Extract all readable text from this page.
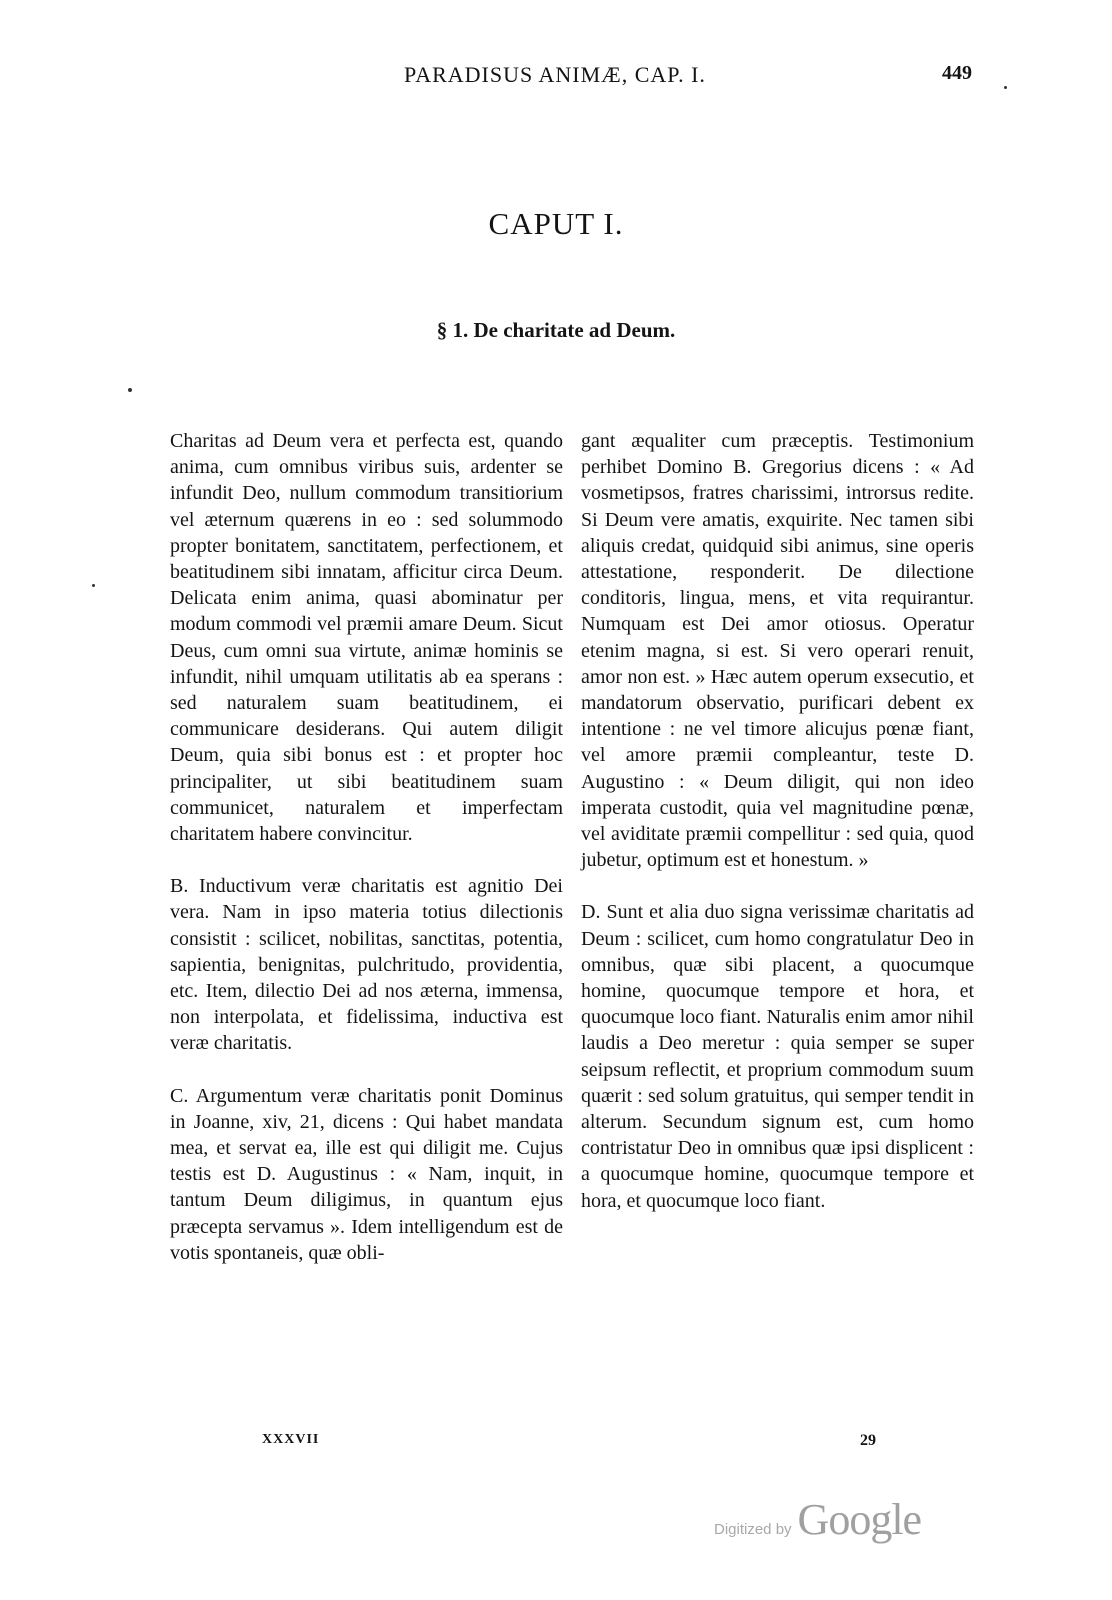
PARADISUS ANIMÆ, CAP. I.	449
CAPUT I.
§ 1. De charitate ad Deum.

Charitas ad Deum vera et perfecta est, quando anima, cum omnibus viribus suis, ardenter se infundit Deo, nullum commodum transitiorium vel æternum quærens in eo : sed solummodo propter bonitatem, sanctitatem, perfectionem, et beatitudinem sibi innatam, afficitur circa Deum. Delicata enim anima, quasi abominatur per modum commodi vel præmii amare Deum. Sicut Deus, cum omni sua virtute, animæ hominis se infundit, nihil umquam utilitatis ab ea sperans : sed naturalem suam beatitudinem, ei communicare desiderans. Qui autem diligit Deum, quia sibi bonus est : et propter hoc principaliter, ut sibi beatitudinem suam communicet, naturalem et imperfectam charitatem habere convincitur.

B. Inductivum veræ charitatis est agnitio Dei vera. Nam in ipso materia totius dilectionis consistit : scilicet, nobilitas, sanctitas, potentia, sapientia, benignitas, pulchritudo, providentia, etc. Item, dilectio Dei ad nos æterna, immensa, non interpolata, et fidelissima, inductiva est veræ charitatis.

C. Argumentum veræ charitatis ponit Dominus in Joanne, xiv, 21, dicens : Qui habet mandata mea, et servat ea, ille est qui diligit me. Cujus testis est D. Augustinus : « Nam, inquit, in tantum Deum diligimus, in quantum ejus præcepta servamus ». Idem intelligendum est de votis spontaneis, quæ obli-

gant æqualiter cum præceptis. Testimonium perhibet Domino B. Gregorius dicens : « Ad vosmetipsos, fratres charissimi, introrsus redite. Si Deum vere amatis, exquirite. Nec tamen sibi aliquis credat, quidquid sibi animus, sine operis attestatione, responderit. De dilectione conditoris, lingua, mens, et vita requirantur. Numquam est Dei amor otiosus. Operatur etenim magna, si est. Si vero operari renuit, amor non est. » Hæc autem operum exsecutio, et mandatorum observatio, purificari debent ex intentione : ne vel timore alicujus pœnæ fiant, vel amore præmii compleantur, teste D. Augustino : « Deum diligit, qui non ideo imperata custodit, quia vel magnitudine pœnæ, vel aviditate præmii compellitur : sed quia, quod jubetur, optimum est et honestum. »

D. Sunt et alia duo signa verissimæ charitatis ad Deum : scilicet, cum homo congratulatur Deo in omnibus, quæ sibi placent, a quocumque homine, quocumque tempore et hora, et quocumque loco fiant. Naturalis enim amor nihil laudis a Deo meretur : quia semper se super seipsum reflectit, et proprium commodum suum quærit : sed solum gratuitus, qui semper tendit in alterum. Secundum signum est, cum homo contristatur Deo in omnibus quæ ipsi displicent : a quocumque homine, quocumque tempore et hora, et quocumque loco fiant.

XXXVII	29
Digitized by Google
